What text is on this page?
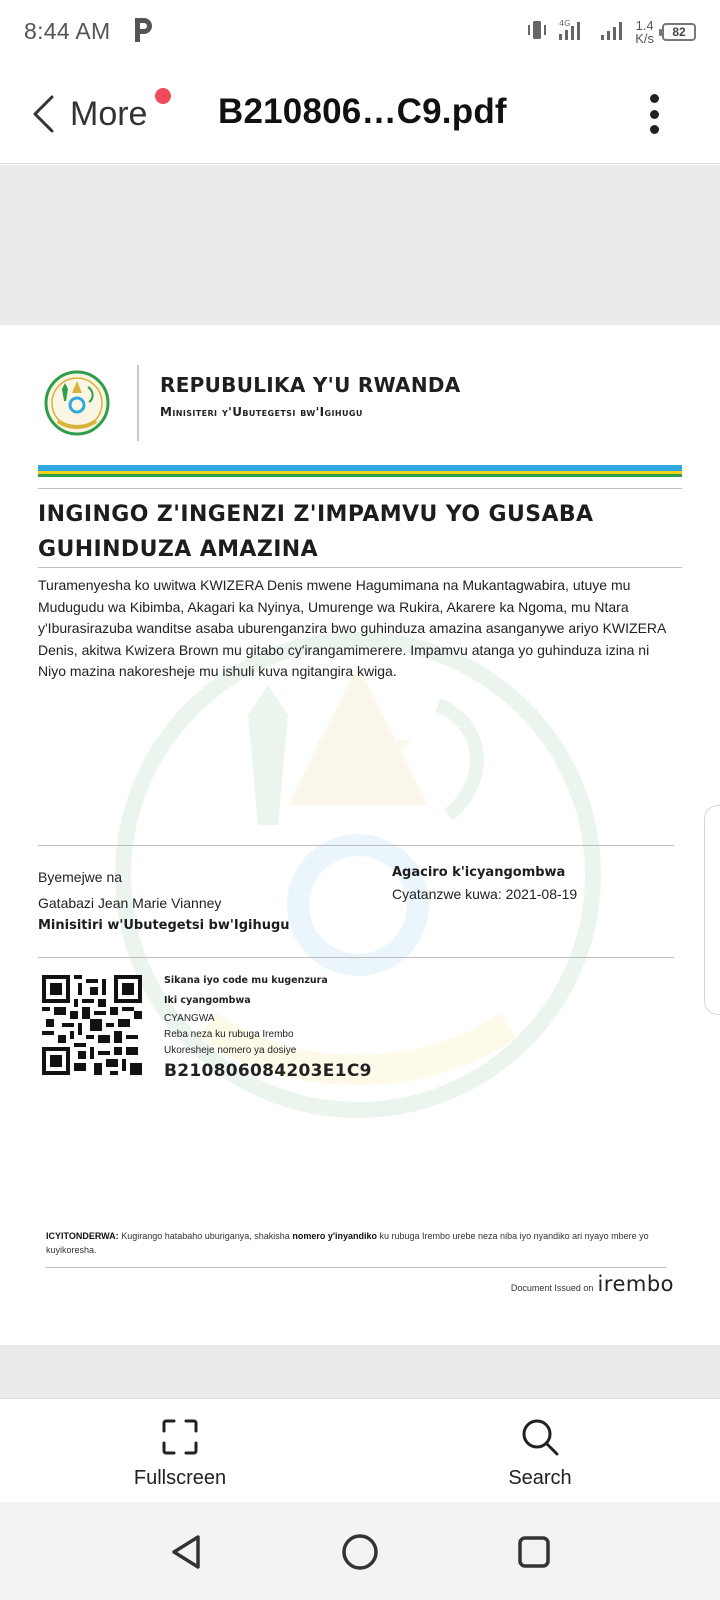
8:44 AM	4G	1.4
K/s	82
More B210806…C9.pdf
REPUBULIKA Y'U RWANDA
Minisiteri y'Ubutegetsi bw'Igihugu
INGINGO Z'INGENZI Z'IMPAMVU YO GUSABA
GUHINDUZA AMAZINA
Turamenyesha ko uwitwa KWIZERA Denis mwene Hagumimana na Mukantagwabira, utuye mu Mudugudu wa Kibimba, Akagari ka Nyinya, Umurenge wa Rukira, Akarere ka Ngoma, mu Ntara y'Iburasirazuba wanditse asaba uburenganzira bwo guhinduza amazina asanganywe ariyo KWIZERA Denis, akitwa Kwizera Brown mu gitabo cy'irangamimerere. Impamvu atanga yo guhinduza izina ni Niyo mazina nakoresheje mu ishuli kuva ngitangira kwiga.
Byemejwe na
Gatabazi Jean Marie Vianney
Minisitiri w'Ubutegetsi bw'Igihugu
Agaciro k'icyangombwa
Cyatanzwe kuwa: 2021-08-19
Sikana iyo code mu kugenzura
Iki cyangombwa
CYANGWA
Reba neza ku rubuga Irembo
Ukoresheje nomero ya dosiye
B210806084203E1C9
ICYITONDERWA: Kugirango hatabaho uburiganya, shakisha nomero y'inyandiko ku rubuga Irembo urebe neza niba iyo nyandiko ari nyayo mbere yo kuyikoresha.
Document Issued on irembo
Fullscreen	Search
